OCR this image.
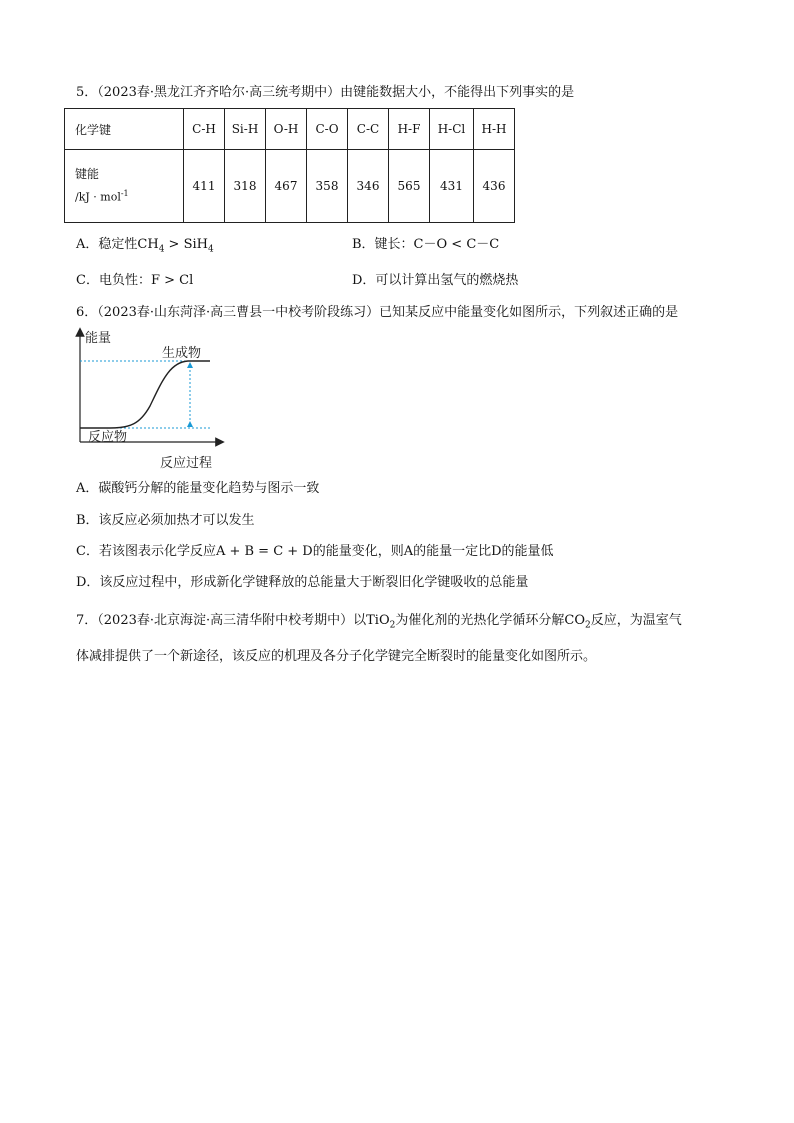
5．（2023春·黑龙江齐齐哈尔·高三统考期中）由键能数据大小，不能得出下列事实的是
化学键	C-H	Si-H	O-H	C-O	C-C	H-F	H-Cl	H-H

键能
/kJ · mol$^{-1}$	411	318	467	358	346	565	431	436
A．稳定性$CH_4 > SiH_4$	B．键长：C－O < C－C
C．电负性：F > Cl	D．可以计算出氢气的燃烧热
6．（2023春·山东菏泽·高三曹县一中校考阶段练习）已知某反应中能量变化如图所示，下列叙述正确的是
能量
生成物
反应物
反应过程
A．碳酸钙分解的能量变化趋势与图示一致
B．该反应必须加热才可以发生
C．若该图表示化学反应A + B = C + D的能量变化，则A的能量一定比D的能量低
D．该反应过程中，形成新化学键释放的总能量大于断裂旧化学键吸收的总能量
7．（2023春·北京海淀·高三清华附中校考期中）以TiO$_2$为催化剂的光热化学循环分解$CO_2$反应，为温室气
体减排提供了一个新途径，该反应的机理及各分子化学键完全断裂时的能量变化如图所示。
